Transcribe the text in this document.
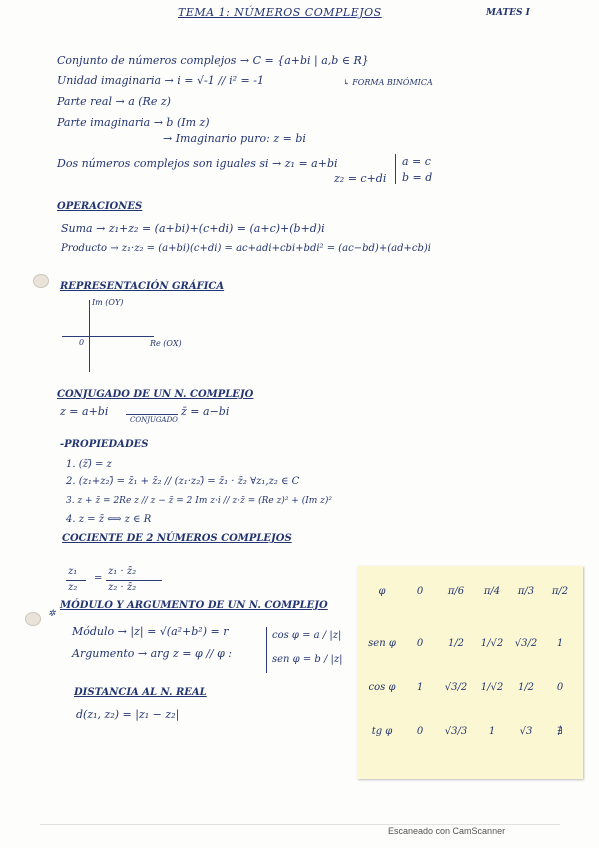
TEMA 1: NÚMEROS COMPLEJOS	MATES I
Conjunto de números complejos → C = {a+bi | a,b ∈ R}
Unidad imaginaria → i = √-1 // i² = -1	↳ FORMA BINÓMICA
Parte real → a (Re z)
Parte imaginaria → b (Im z)
→ Imaginario puro: z = bi
Dos números complejos son iguales si → z₁ = a+bi
z₂ = c+di
a = c
b = d
OPERACIONES
Suma → z₁+z₂ = (a+bi)+(c+di) = (a+c)+(b+d)i
Producto → z₁·z₂ = (a+bi)(c+di) = ac+adi+cbi+bdi² = (ac−bd)+(ad+cb)i
REPRESENTACIÓN GRÁFICA
Im (OY)
Re (OX)
0
CONJUGADO DE UN N. COMPLEJO
z = a+bi
CONJUGADO
z̄ = a−bi
-PROPIEDADES
1. (z̄)̄ = z
2. (z₁+z₂)̄ = z̄₁ + z̄₂ // (z₁·z₂)̄ = z̄₁ · z̄₂ ∀z₁,z₂ ∈ C
3. z + z̄ = 2Re z // z − z̄ = 2 Im z·i // z·z̄ = (Re z)² + (Im z)²
4. z = z̄ ⟺ z ∈ R
COCIENTE DE 2 NÚMEROS COMPLEJOS
z₁
z₂
=
z₁ · z̄₂
z₂ · z̄₂
✲
MÓDULO Y ARGUMENTO DE UN N. COMPLEJO
Módulo → |z| = √(a²+b²) = r
Argumento → arg z = φ // φ :
cos φ = a / |z|
sen φ = b / |z|
DISTANCIA AL N. REAL
d(z₁, z₂) = |z₁ − z₂|
φ	0	π/6	π/4	π/3	π/2
sen φ	0	1/2	1/√2	√3/2	1
cos φ	1	√3/2	1/√2	1/2	0
tg φ	0	√3/3	1	√3	∄
Escaneado con CamScanner
